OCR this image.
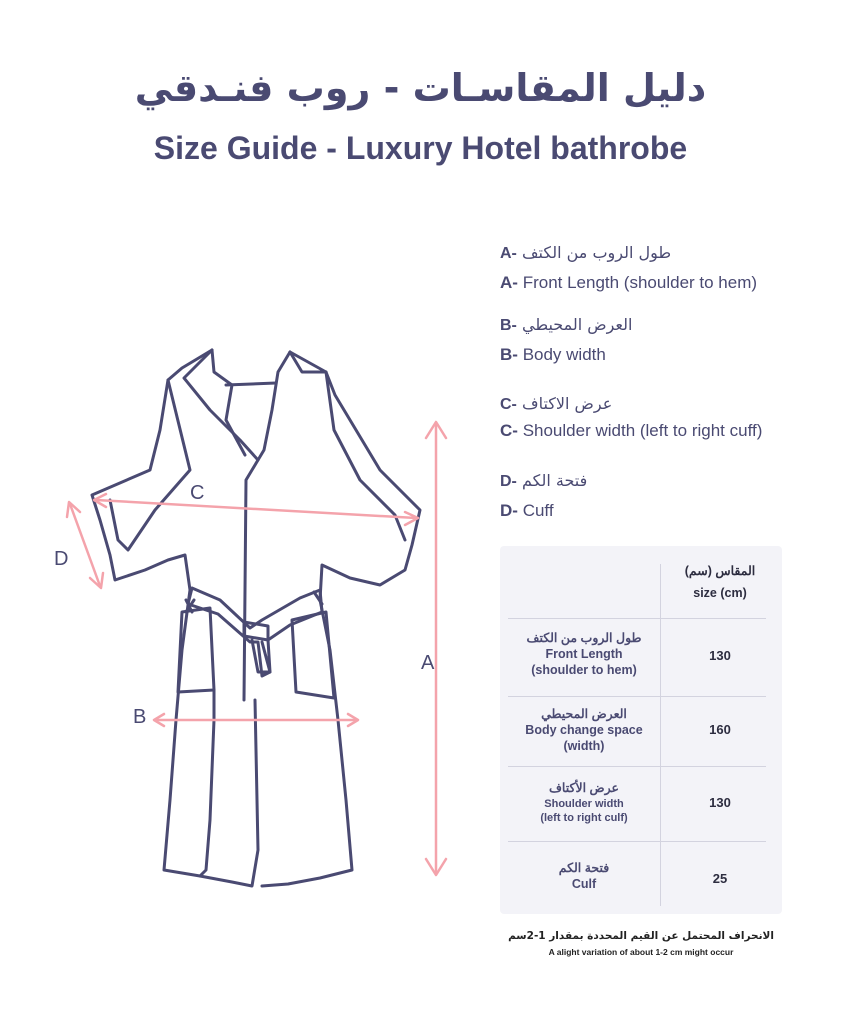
دليل المقاسـات - روب فنـدقي
Size Guide - Luxury Hotel bathrobe
A- طول الروب من الكتف
A- Front Length (shoulder to hem)
B- العرض المحيطي
B- Body width
C- عرض الاكتاف
C- Shoulder width (left to right cuff)
D- فتحة الكم
D- Cuff
A
B
C
D
المقاس (سم)
size (cm)
طول الروب من الكتف
Front Length
(shoulder to hem)
130
العرض المحيطي
Body change space
(width)
160
عرض الأكتاف
Shoulder width
(left to right culf)
130
فتحة الكم
Culf	25
الانحراف المحتمل عن القيم المحددة بمقدار 1-2سم
A alight variation of about 1-2 cm might occur
